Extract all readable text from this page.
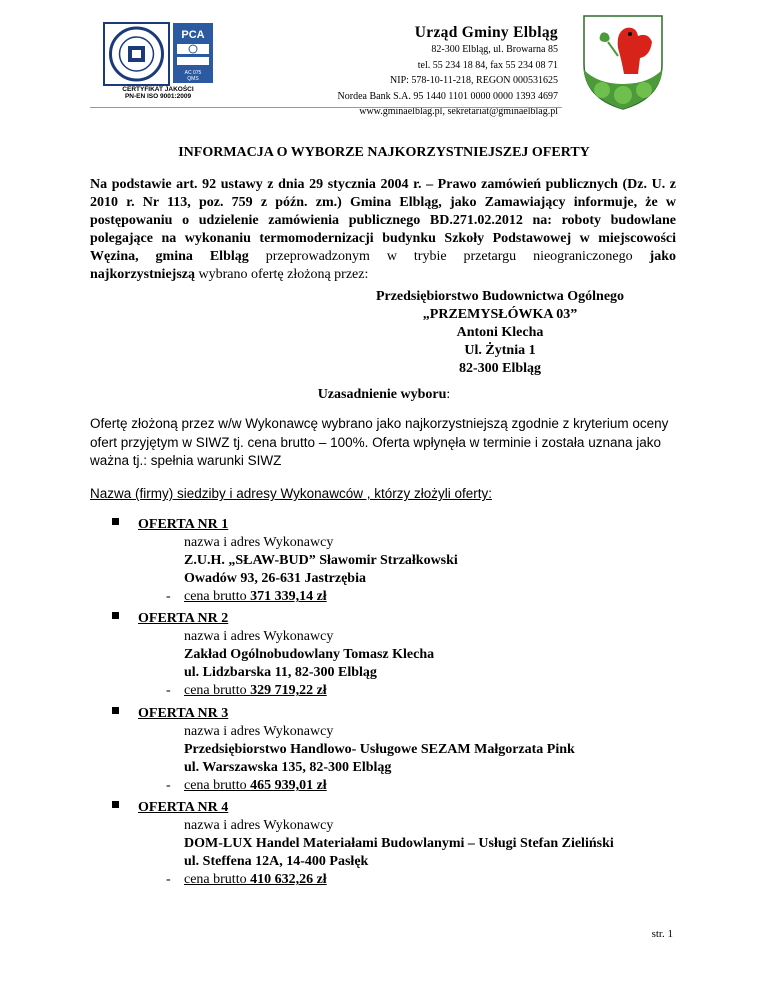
PCA
AC 075
QMS
CERTYFIKAT JAKOŚCI
PN-EN ISO 9001:2009
Urząd Gminy Elbląg
82-300 Elbląg, ul. Browarna 85
tel. 55 234 18 84, fax 55 234 08 71
NIP: 578-10-11-218, REGON 000531625
Nordea Bank S.A. 95 1440 1101 0000 0000 1393 4697
www.gminaelblag.pl, sekretariat@gminaelblag.pl
INFORMACJA O WYBORZE NAJKORZYSTNIEJSZEJ OFERTY
Na podstawie art. 92 ustawy z dnia 29 stycznia 2004 r. – Prawo zamówień publicznych (Dz. U. z 2010 r. Nr 113, poz. 759 z późn. zm.) Gmina Elbląg, jako Zamawiający informuje, że w postępowaniu o udzielenie zamówienia publicznego BD.271.02.2012 na: roboty budowlane polegające na wykonaniu termomodernizacji budynku Szkoły Podstawowej w miejscowości Węzina, gmina Elbląg przeprowadzonym w trybie przetargu nieograniczonego jako najkorzystniejszą wybrano ofertę złożoną przez:
Przedsiębiorstwo Budownictwa Ogólnego
„PRZEMYSŁÓWKA 03”
Antoni Klecha
Ul. Żytnia 1
82-300 Elbląg
Uzasadnienie wyboru:
Ofertę złożoną przez w/w Wykonawcę wybrano jako najkorzystniejszą zgodnie z kryterium oceny ofert przyjętym w SIWZ tj. cena brutto – 100%. Oferta wpłynęła w terminie i została uznana jako ważna tj.: spełnia warunki SIWZ
Nazwa (firmy) siedziby i adresy Wykonawców , którzy złożyli oferty:
OFERTA NR 1
nazwa i adres Wykonawcy
Z.U.H. „SŁAW-BUD” Sławomir Strzałkowski
Owadów 93, 26-631 Jastrzębia
- cena brutto 371 339,14 zł
OFERTA NR 2
nazwa i adres Wykonawcy
Zakład Ogólnobudowlany Tomasz Klecha
ul. Lidzbarska 11, 82-300 Elbląg
- cena brutto 329 719,22 zł
OFERTA NR 3
nazwa i adres Wykonawcy
Przedsiębiorstwo Handlowo- Usługowe SEZAM Małgorzata Pink
ul. Warszawska 135, 82-300 Elbląg
- cena brutto 465 939,01 zł
OFERTA NR 4
nazwa i adres Wykonawcy
DOM-LUX Handel Materiałami Budowlanymi – Usługi Stefan Zieliński
ul. Steffena 12A, 14-400 Pasłęk
- cena brutto 410 632,26 zł
str. 1
